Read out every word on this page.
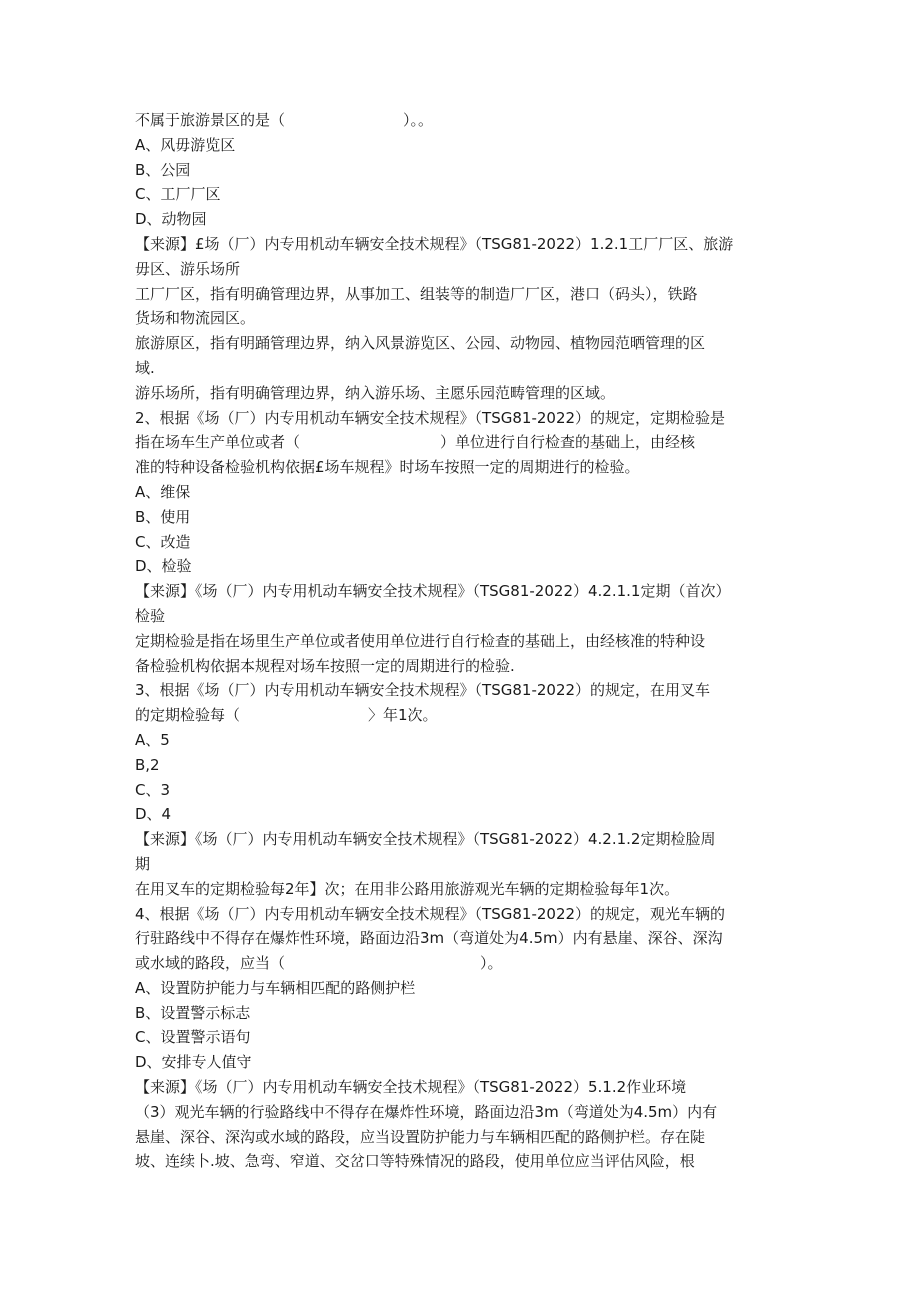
不属于旅游景区的是（	）。。
A、风毋游览区
B、公园
C、工厂厂区
D、动物园
【来源】£场（厂）内专用机动车辆安全技术规程》（TSG81-2022）1.2.1工厂厂区、旅游
毋区、游乐场所
工厂厂区，指有明确管理边界，从事加工、组装等的制造厂厂区，港口（码头），铁路
货场和物流园区。
旅游原区，指有明踊管理边界，纳入风景游览区、公园、动物园、植物园范晒管理的区
域.
游乐场所，指有明确管理边界，纳入游乐场、主愿乐园范畴管理的区域。
2、根据《场（厂）内专用机动车辆安全技术规程》（TSG81-2022）的规定，定期检验是
指在场车生产单位或者（	）单位进行自行检查的基础上，由经核
准的特种设备检验机构依据£场车规程》时场车按照一定的周期进行的检验。
A、维保
B、使用
C、改造
D、检验
【来源】《场（厂）内专用机动车辆安全技术规程》（TSG81-2022）4.2.1.1定期（首次）
检验
定期检验是指在场里生产单位或者使用单位进行自行检查的基础上，由经核准的特种设
备检验机构依据本规程对场车按照一定的周期进行的检验.
3、根据《场（厂）内专用机动车辆安全技术规程》（TSG81-2022）的规定，在用叉车
的定期检验每（	〉年1次。
A、5
B,2
C、3
D、4
【来源】《场（厂）内专用机动车辆安全技术规程》（TSG81-2022）4.2.1.2定期检脸周
期
在用叉车的定期检验每2年】次；在用非公路用旅游观光车辆的定期检验每年1次。
4、根据《场（厂）内专用机动车辆安全技术规程》（TSG81-2022）的规定，观光车辆的
行驻路线中不得存在爆炸性环境，路面边沿3m（弯道处为4.5m）内有悬崖、深谷、深沟
或水域的路段，应当（	）。
A、设置防护能力与车辆相匹配的路侧护栏
B、设置警示标志
C、设置警示语句
D、安排专人值守
【来源】《场（厂）内专用机动车辆安全技术规程》（TSG81-2022）5.1.2作业环境
（3）观光车辆的行验路线中不得存在爆炸性环境，路面边沿3m（弯道处为4.5m）内有
悬崖、深谷、深沟或水域的路段，应当设置防护能力与车辆相匹配的路侧护栏。存在陡
坡、连续卜.坡、急弯、窄道、交岔口等特殊情况的路段，使用单位应当评估风险，根
